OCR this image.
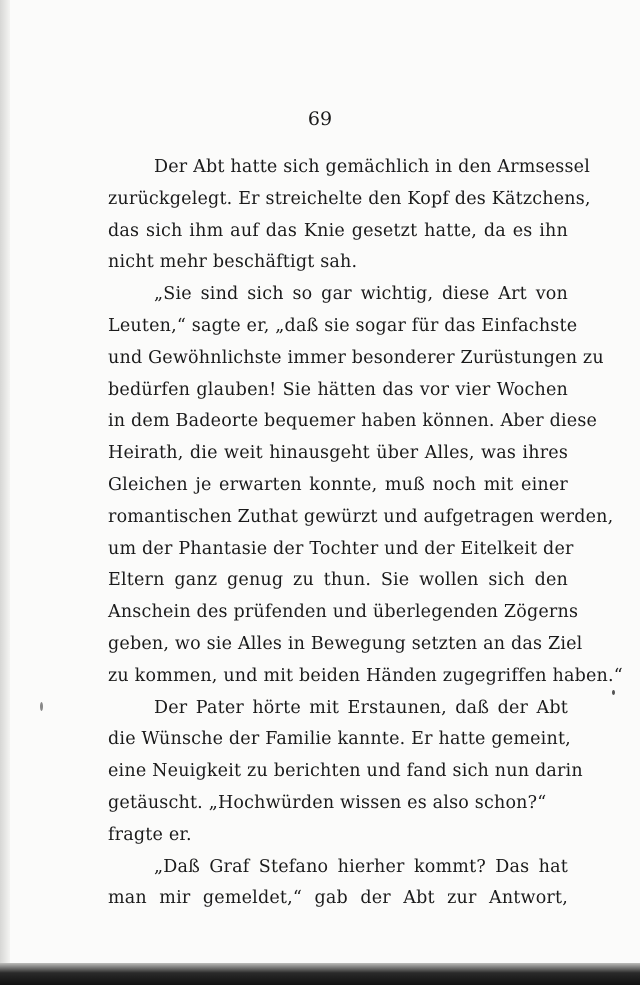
69
Der Abt hatte sich gemächlich in den Armsessel
zurückgelegt. Er streichelte den Kopf des Kätzchens,
das sich ihm auf das Knie gesetzt hatte, da es ihn
nicht mehr beschäftigt sah.
„Sie sind sich so gar wichtig, diese Art von
Leuten,“ sagte er, „daß sie sogar für das Einfachste
und Gewöhnlichste immer besonderer Zurüstungen zu
bedürfen glauben! Sie hätten das vor vier Wochen
in dem Badeorte bequemer haben können. Aber diese
Heirath, die weit hinausgeht über Alles, was ihres
Gleichen je erwarten konnte, muß noch mit einer
romantischen Zuthat gewürzt und aufgetragen werden,
um der Phantasie der Tochter und der Eitelkeit der
Eltern ganz genug zu thun. Sie wollen sich den
Anschein des prüfenden und überlegenden Zögerns
geben, wo sie Alles in Bewegung setzten an das Ziel
zu kommen, und mit beiden Händen zugegriffen haben.“
Der Pater hörte mit Erstaunen, daß der Abt
die Wünsche der Familie kannte. Er hatte gemeint,
eine Neuigkeit zu berichten und fand sich nun darin
getäuscht. „Hochwürden wissen es also schon?“
fragte er.
„Daß Graf Stefano hierher kommt? Das hat
man mir gemeldet,“ gab der Abt zur Antwort,
